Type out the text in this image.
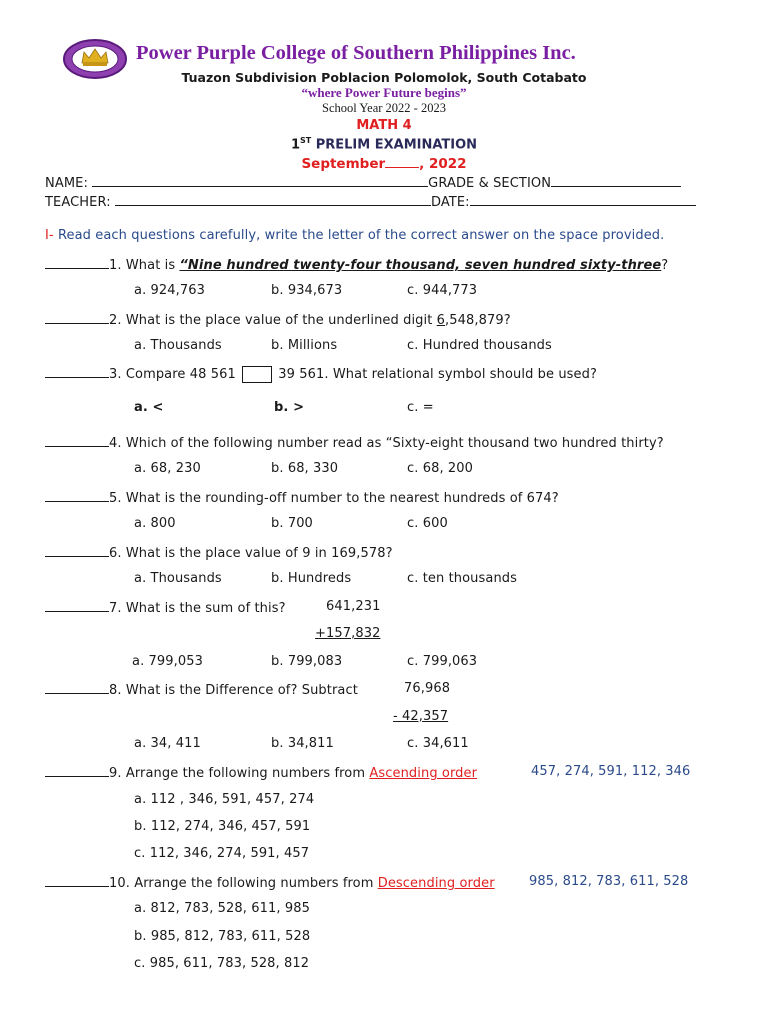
Power Purple College of Southern Philippines Inc.
Tuazon Subdivision Poblacion Polomolok, South Cotabato
“where Power Future begins”
School Year 2022 - 2023
MATH 4
1ST PRELIM EXAMINATION
September	, 2022
NAME:	GRADE & SECTION
TEACHER:	DATE:
I- Read each questions carefully, write the letter of the correct answer on the space provided.
1. What is “Nine hundred twenty-four thousand, seven hundred sixty-three?
a. 924,763	b. 934,673	c. 944,773
2. What is the place value of the underlined digit 6,548,879?
a. Thousands	b. Millions	c. Hundred thousands
3. Compare 48 561	39 561. What relational symbol should be used?
a. <	b. >	c. =
4. Which of the following number read as “Sixty-eight thousand two hundred thirty?
a. 68, 230	b. 68, 330	c. 68, 200
5. What is the rounding-off number to the nearest hundreds of 674?
a. 800	b. 700	c. 600
6. What is the place value of 9 in 169,578?
a. Thousands	b. Hundreds	c. ten thousands
7. What is the sum of this?	641,231
+157,832
a. 799,053	b. 799,083	c. 799,063
8. What is the Difference of? Subtract	76,968
- 42,357
a. 34, 411	b. 34,811	c. 34,611
9. Arrange the following numbers from Ascending order	457, 274, 591, 112, 346
a. 112 , 346, 591, 457, 274
b. 112, 274, 346, 457, 591
c. 112, 346, 274, 591, 457
10. Arrange the following numbers from Descending order	985, 812, 783, 611, 528
a. 812, 783, 528, 611, 985
b. 985, 812, 783, 611, 528
c. 985, 611, 783, 528, 812
